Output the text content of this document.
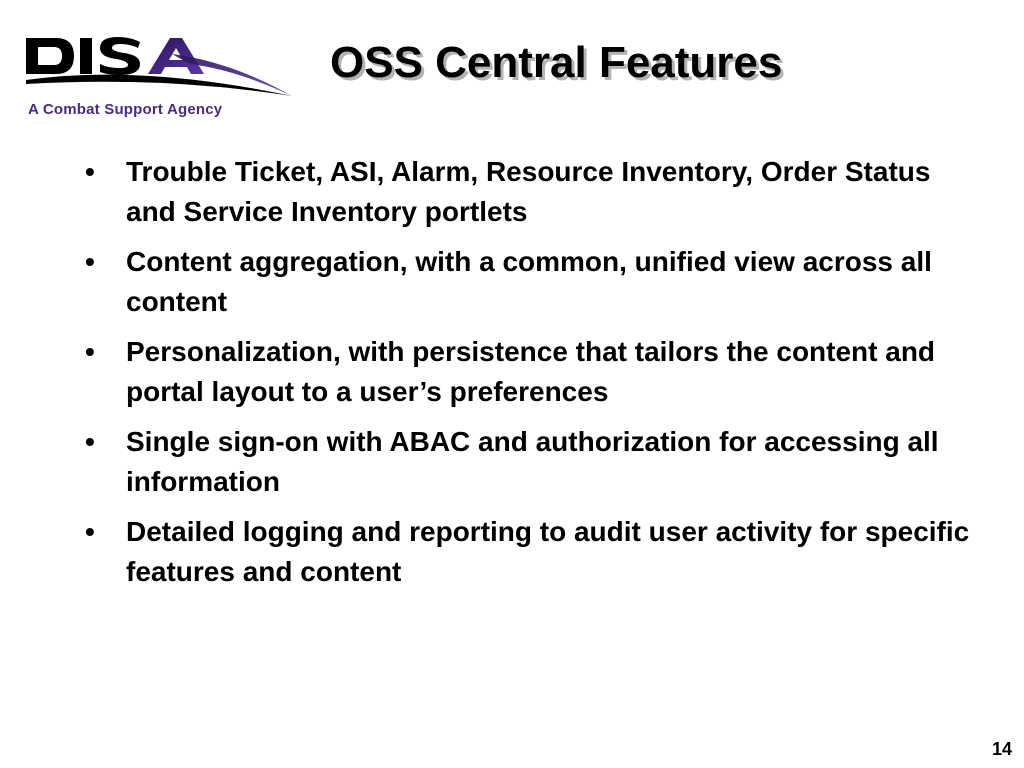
A Combat Support Agency
OSS Central Features
•	Trouble Ticket, ASI, Alarm, Resource Inventory, Order Status and Service Inventory portlets
•	Content aggregation, with a common, unified view across all content
•	Personalization, with persistence that tailors the content and portal layout to a user’s preferences
•	Single sign-on with ABAC and authorization for accessing all information
•	Detailed logging and reporting to audit user activity for specific features and content
14
